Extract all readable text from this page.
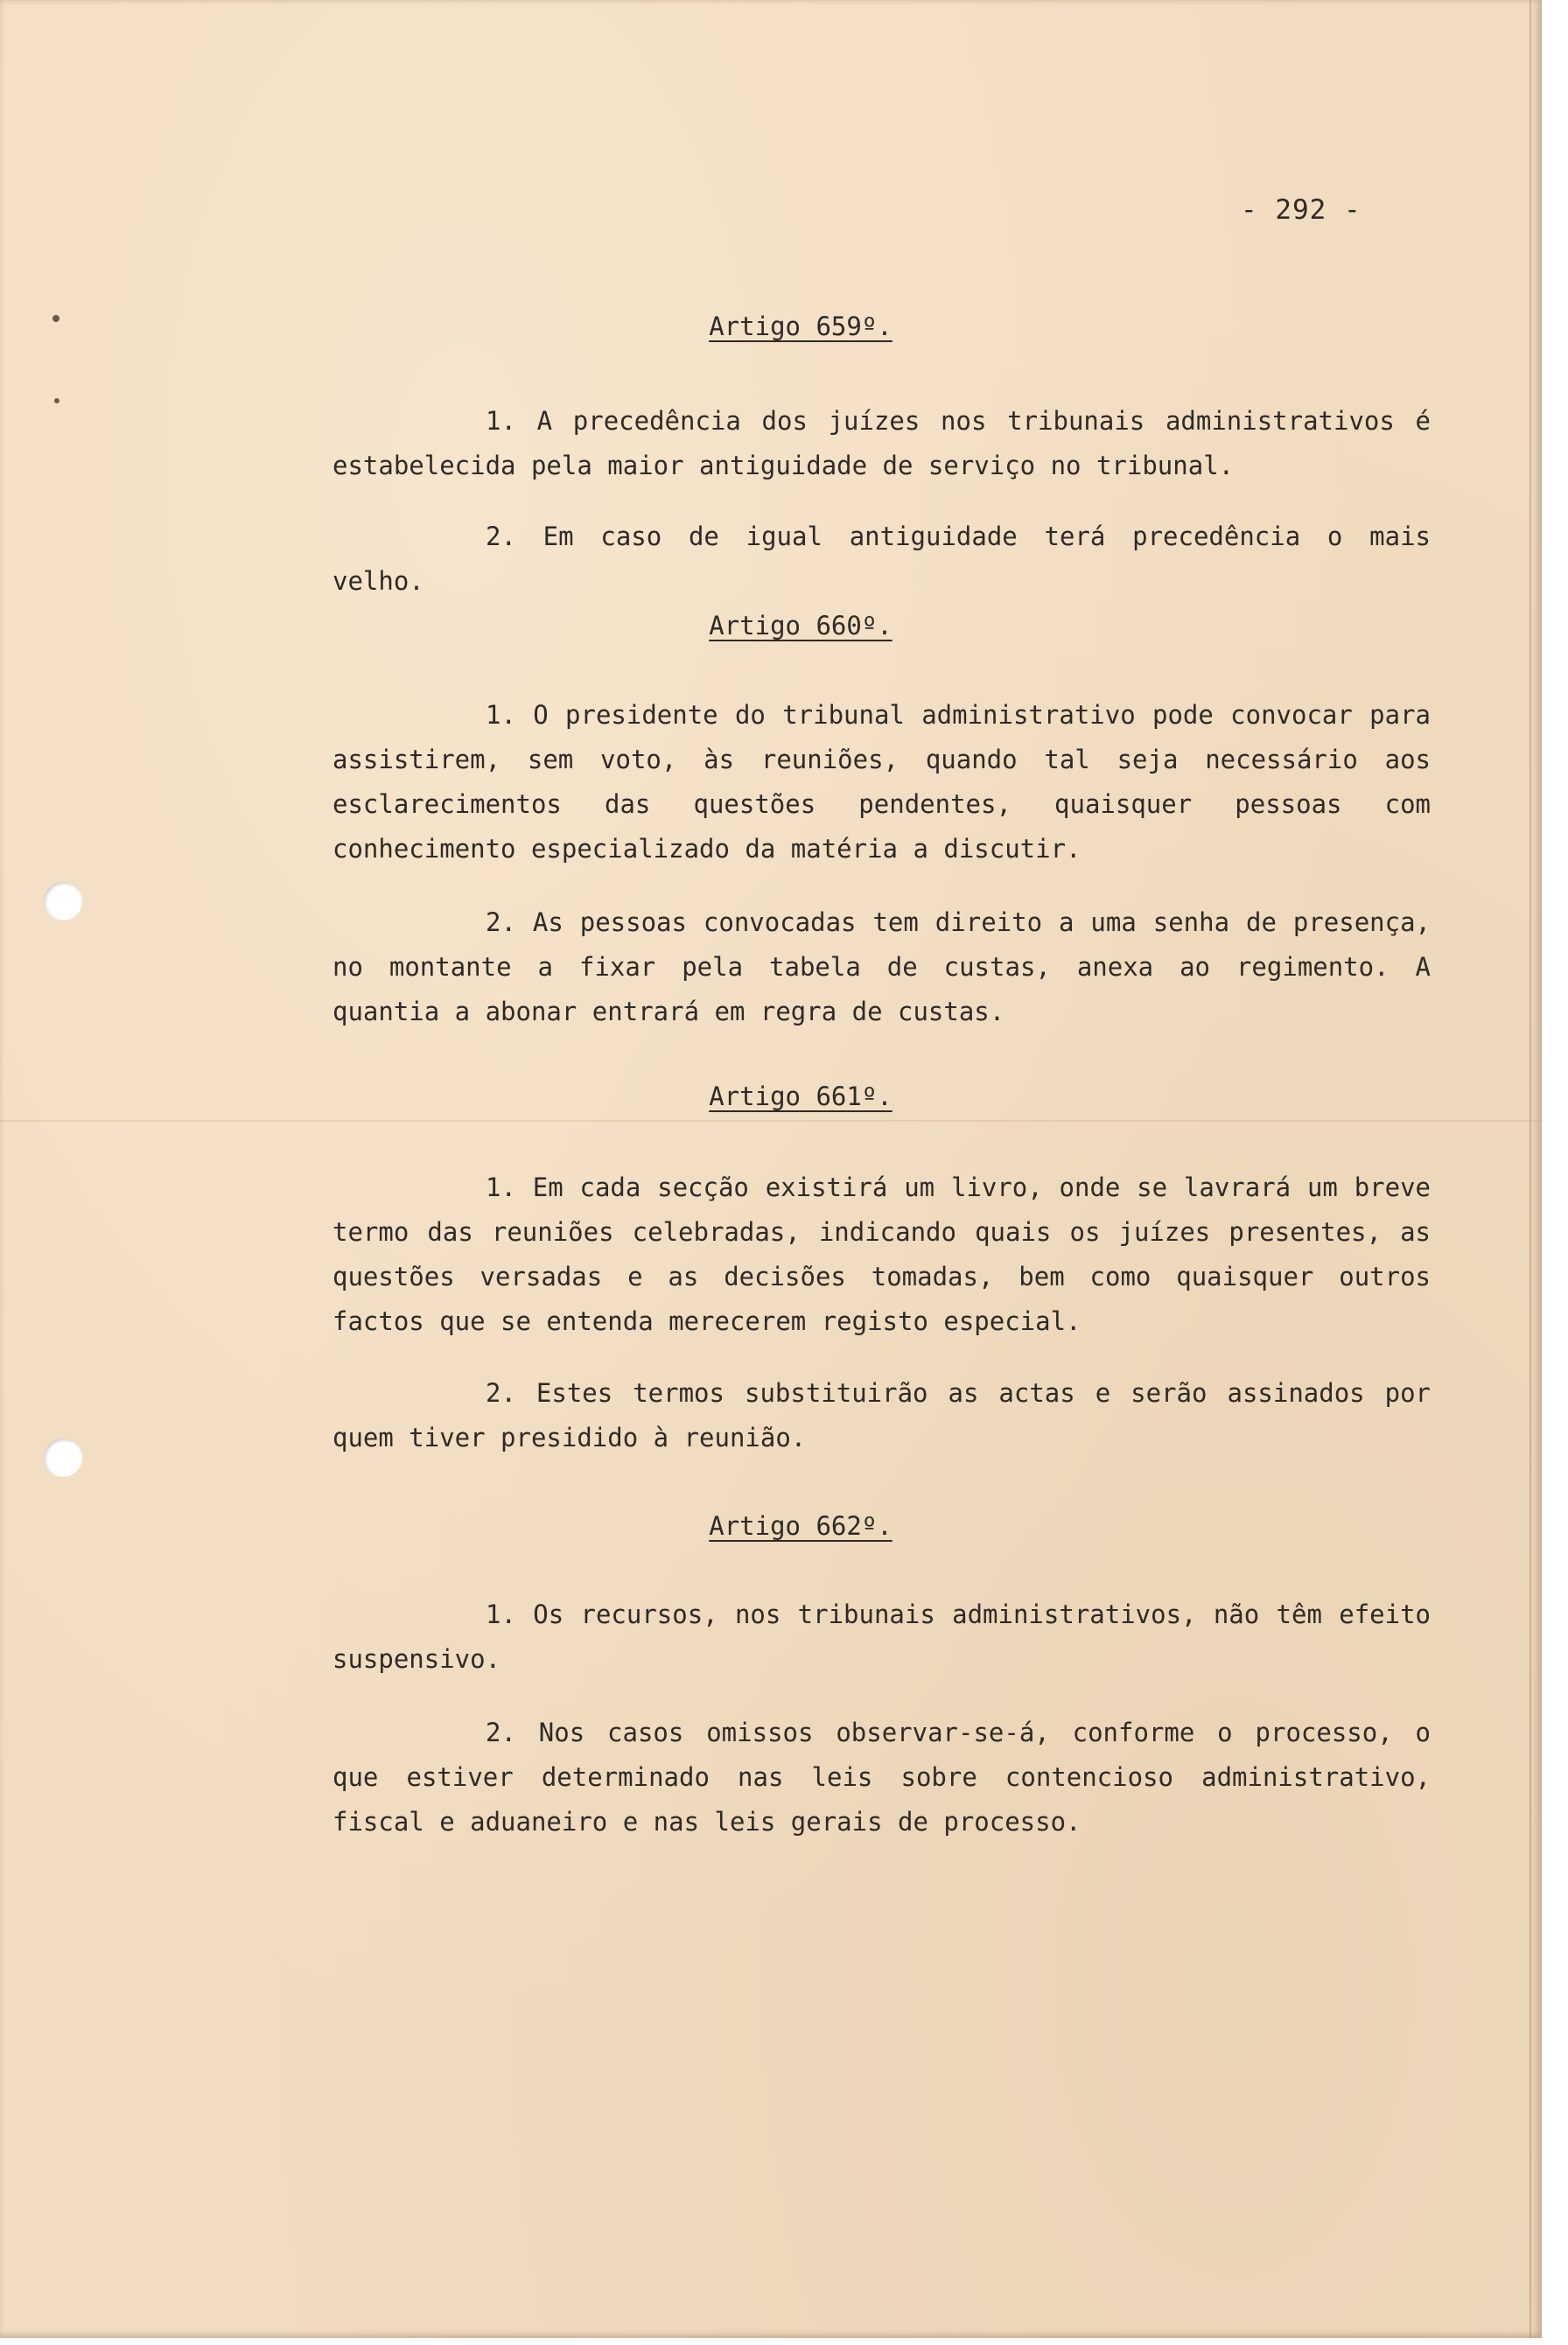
- 292 -
Artigo 659º.

1. A precedência dos juízes nos tribunais administrativos é estabelecida pela maior antiguidade de serviço no tribunal.

2. Em caso de igual antiguidade terá precedência o mais velho.

Artigo 660º.

1. O presidente do tribunal administrativo pode convocar para assistirem, sem voto, às reuniões, quando tal seja necessário aos esclarecimentos das questões pendentes, quaisquer pessoas com conhecimento especializado da matéria a discutir.

2. As pessoas convocadas tem direito a uma senha de presença, no montante a fixar pela tabela de custas, anexa ao regimento. A quantia a abonar entrará em regra de custas.

Artigo 661º.

1. Em cada secção existirá um livro, onde se lavrará um breve termo das reuniões celebradas, indicando quais os juízes presentes, as questões versadas e as decisões tomadas, bem como quaisquer outros factos que se entenda merecerem registo especial.

2. Estes termos substituirão as actas e serão assinados por quem tiver presidido à reunião.

Artigo 662º.

1. Os recursos, nos tribunais administrativos, não têm efeito suspensivo.

2. Nos casos omissos observar-se-á, conforme o processo, o que estiver determinado nas leis sobre contencioso administrativo, fiscal e aduaneiro e nas leis gerais de processo.
